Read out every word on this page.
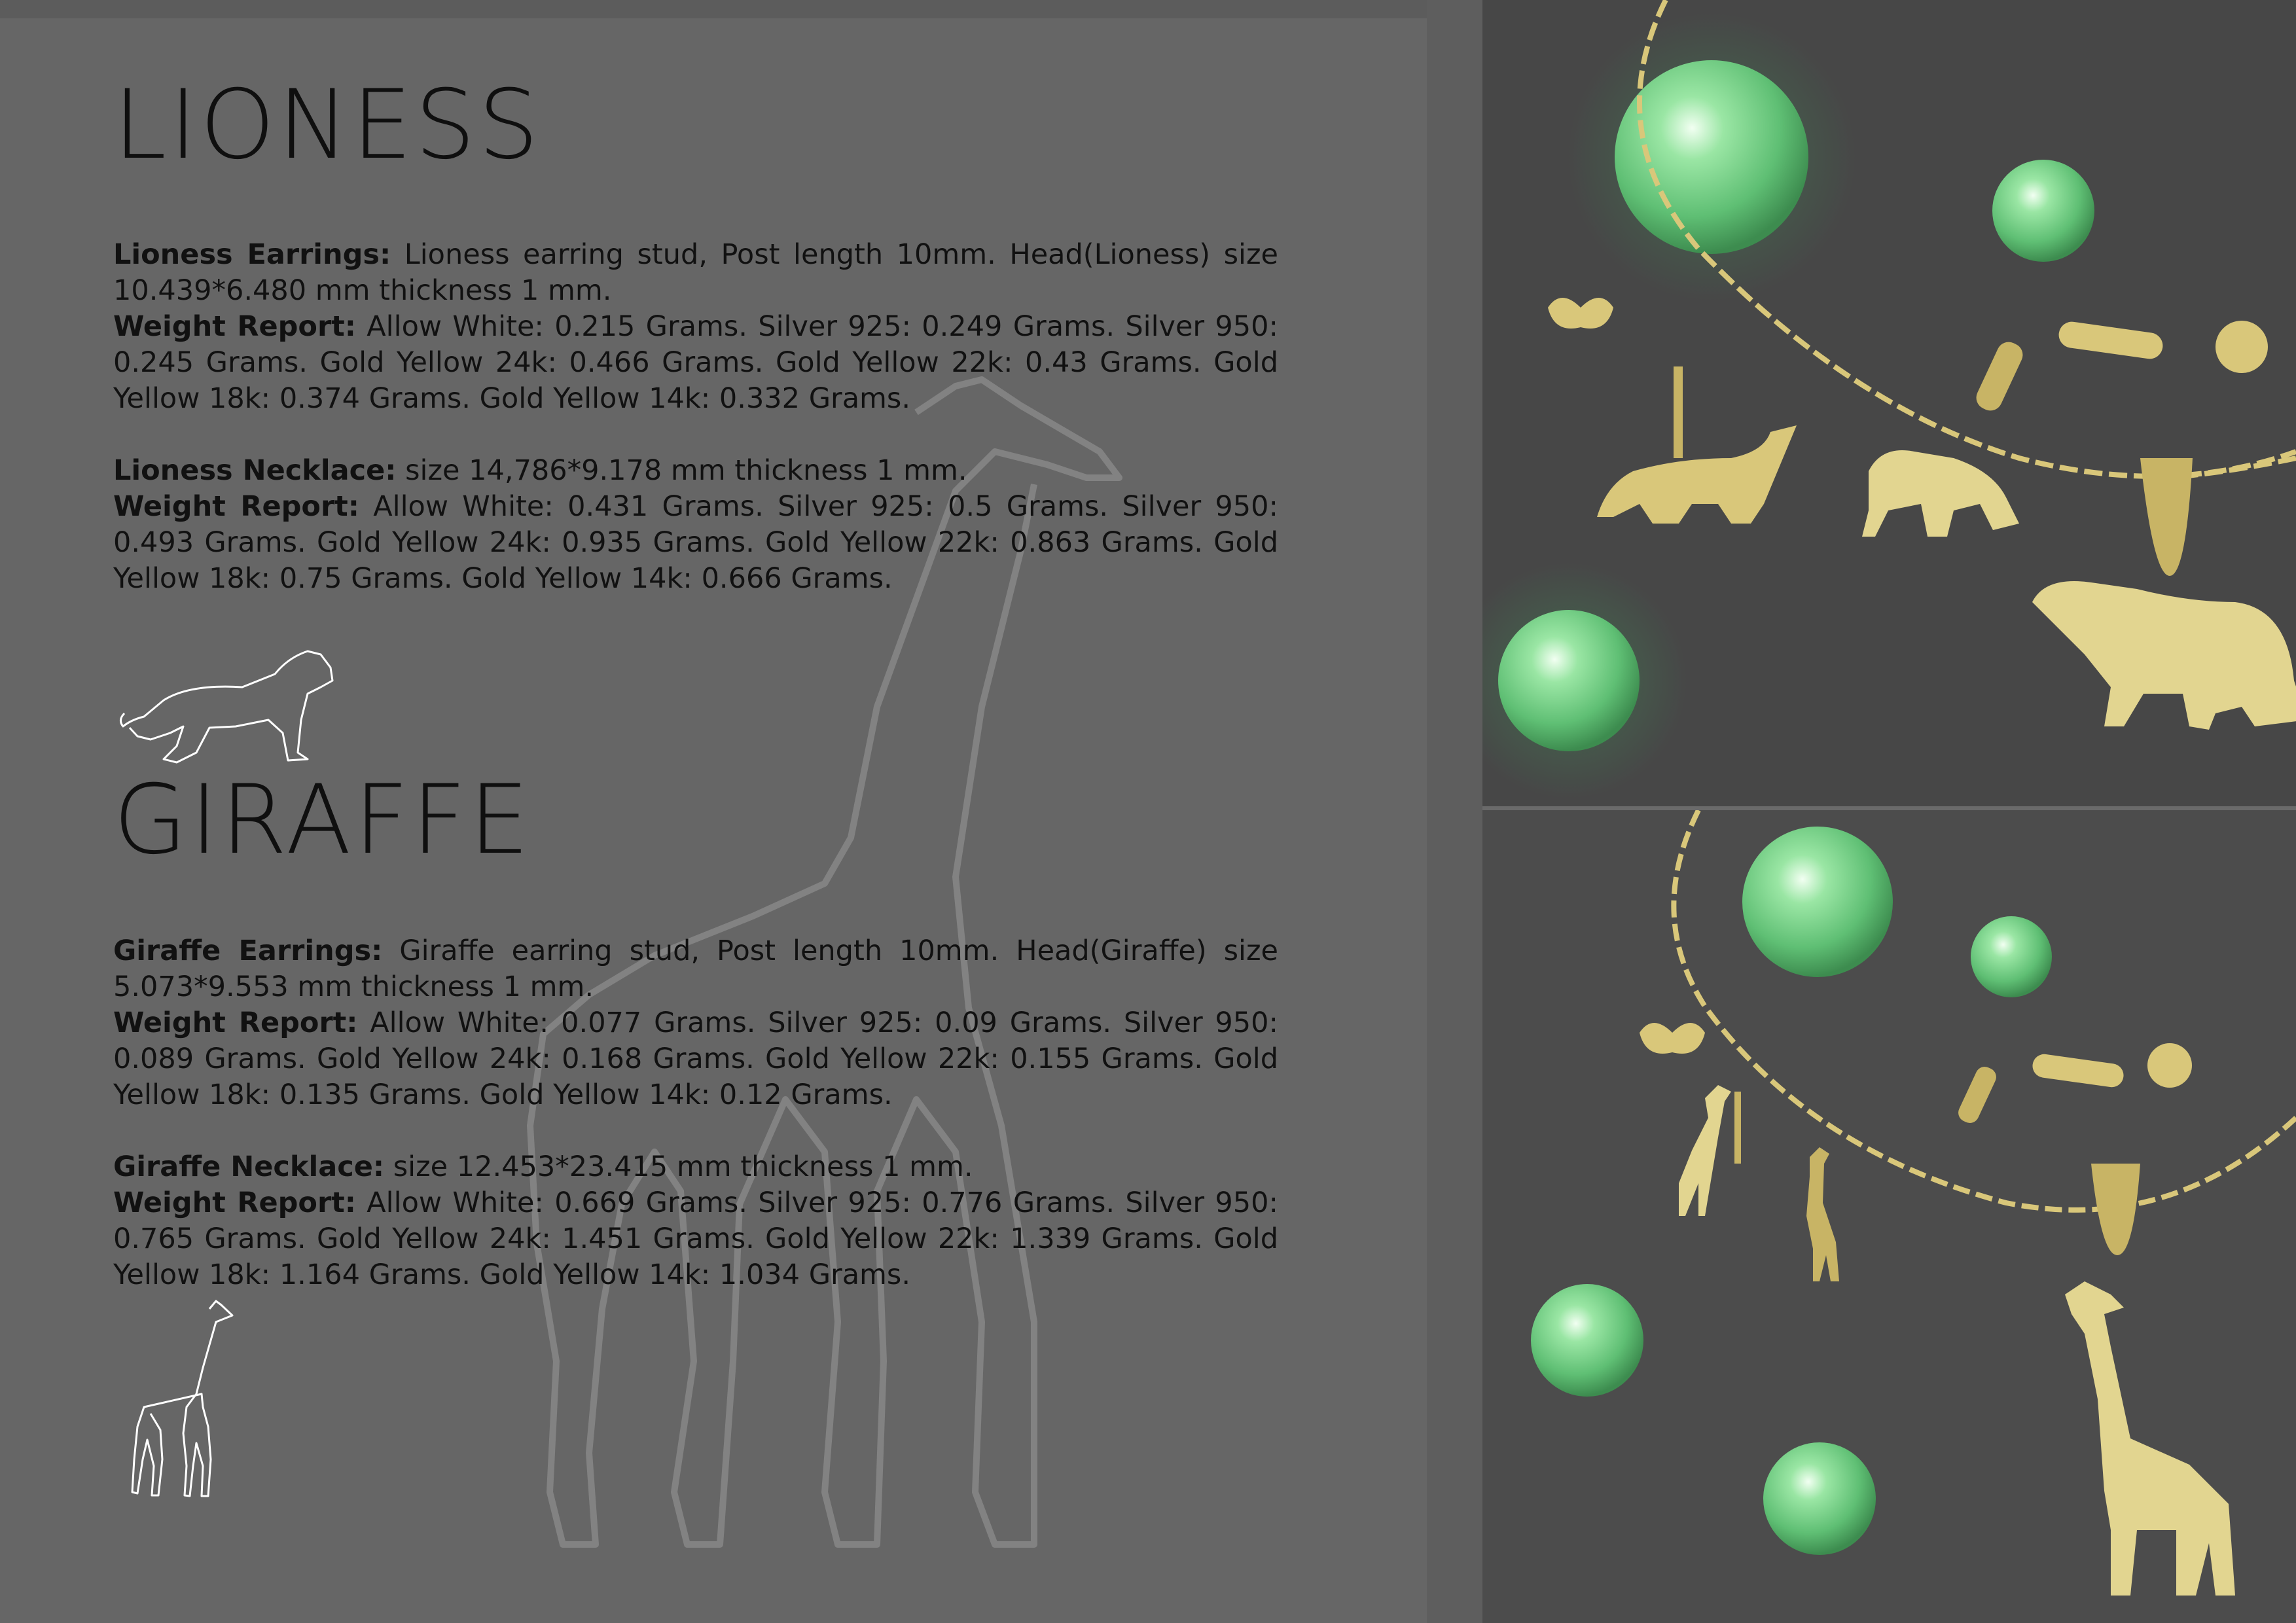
LIONESS

Lioness Earrings: Lioness earring stud, Post length 10mm. Head(Lioness) size 10.439*6.480 mm thickness 1 mm.

Weight Report: Allow White: 0.215 Grams. Silver 925: 0.249 Grams. Silver 950: 0.245 Grams. Gold Yellow 24k: 0.466 Grams. Gold Yellow 22k: 0.43 Grams. Gold Yellow 18k: 0.374 Grams. Gold Yellow 14k: 0.332 Grams.

Lioness Necklace: size 14,786*9.178 mm thickness 1 mm.

Weight Report: Allow White: 0.431 Grams. Silver 925: 0.5 Grams. Silver 950: 0.493 Grams. Gold Yellow 24k: 0.935 Grams. Gold Yellow 22k: 0.863 Grams. Gold Yellow 18k: 0.75 Grams. Gold Yellow 14k: 0.666 Grams.

GIRAFFE

Giraffe Earrings: Giraffe earring stud, Post length 10mm. Head(Giraffe) size 5.073*9.553 mm thickness 1 mm.

Weight Report: Allow White: 0.077 Grams. Silver 925: 0.09 Grams. Silver 950: 0.089 Grams. Gold Yellow 24k: 0.168 Grams. Gold Yellow 22k: 0.155 Grams. Gold Yellow 18k: 0.135 Grams. Gold Yellow 14k: 0.12 Grams.

Giraffe Necklace: size 12.453*23.415 mm thickness 1 mm.

Weight Report: Allow White: 0.669 Grams. Silver 925: 0.776 Grams. Silver 950: 0.765 Grams. Gold Yellow 24k: 1.451 Grams. Gold Yellow 22k: 1.339 Grams. Gold Yellow 18k: 1.164 Grams. Gold Yellow 14k: 1.034 Grams.
